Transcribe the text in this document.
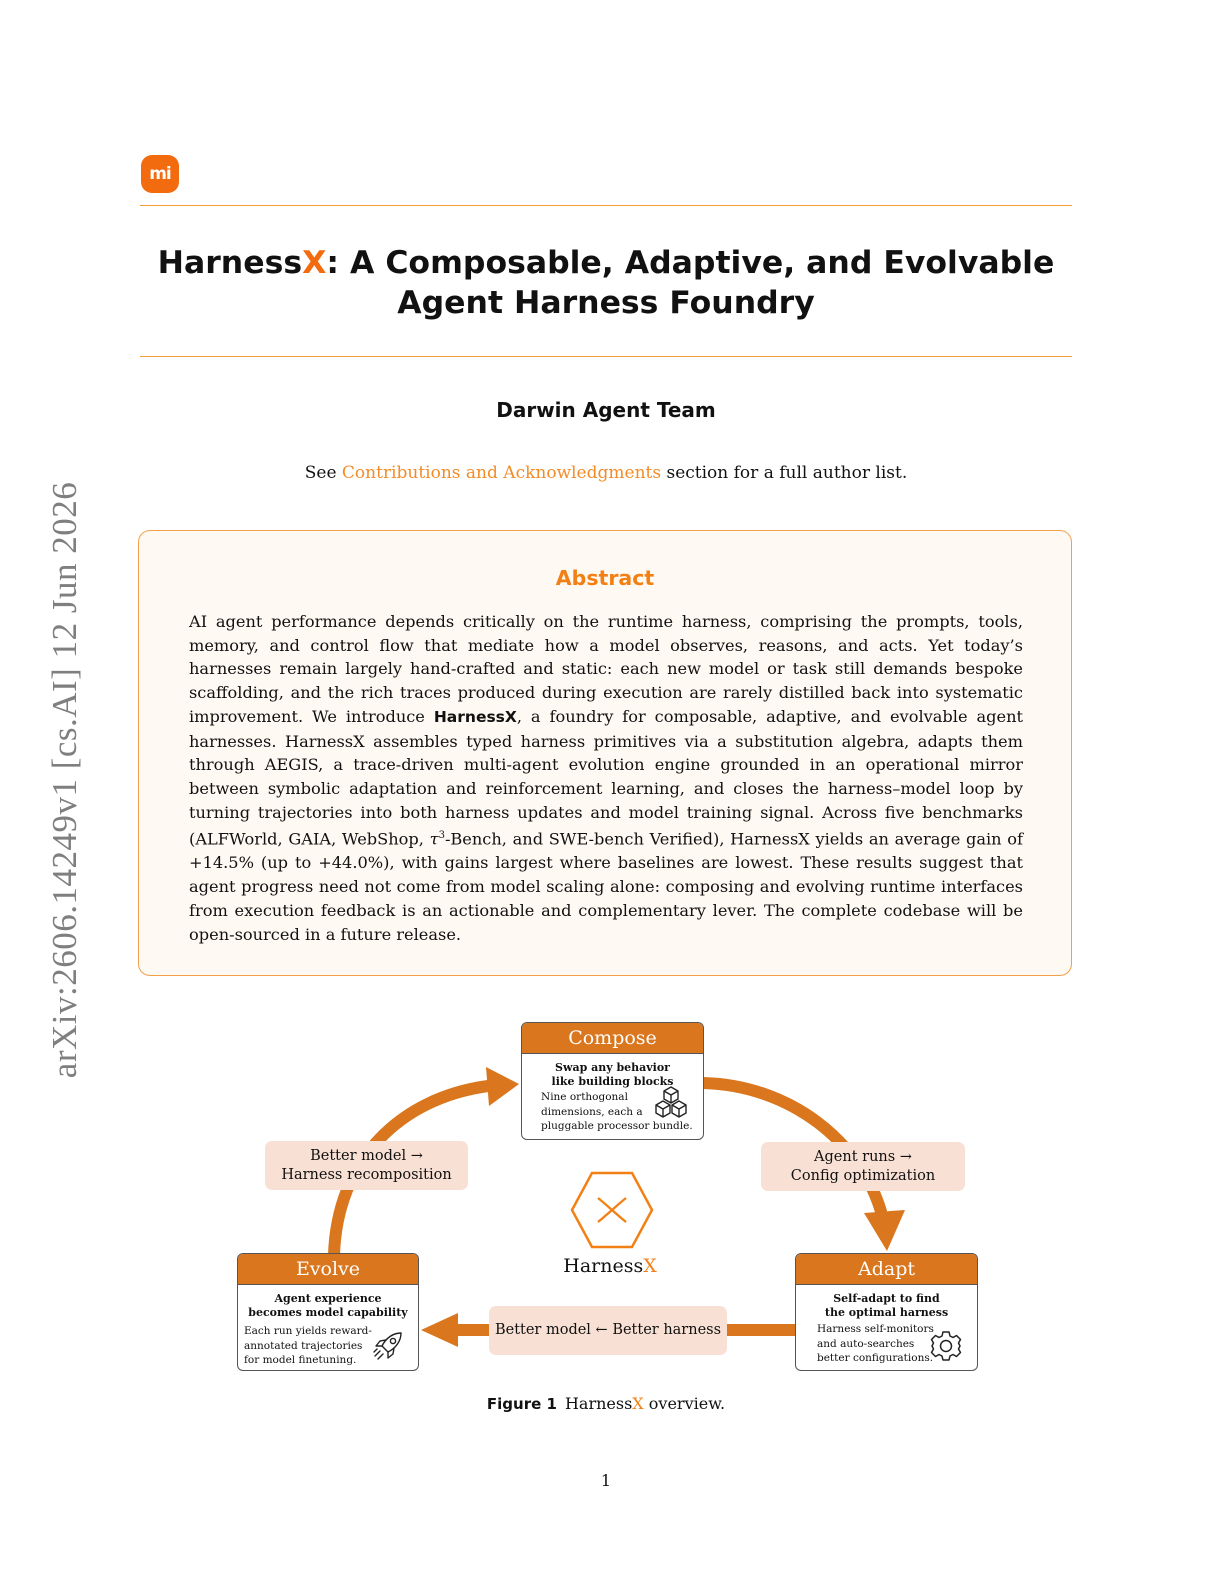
arXiv:2606.14249v1 [cs.AI] 12 Jun 2026
mi
HarnessX: A Composable, Adaptive, and Evolvable
Agent Harness Foundry
Darwin Agent Team
See Contributions and Acknowledgments section for a full author list.
Abstract
AI agent performance depends critically on the runtime harness, comprising the prompts, tools, memory, and control flow that mediate how a model observes, reasons, and acts. Yet today’s harnesses remain largely hand-crafted and static: each new model or task still demands bespoke scaffolding, and the rich traces produced during execution are rarely distilled back into systematic improvement. We introduce HarnessX, a foundry for composable, adaptive, and evolvable agent harnesses. HarnessX assembles typed harness primitives via a substitution algebra, adapts them through AEGIS, a trace-driven multi-agent evolution engine grounded in an operational mirror between symbolic adaptation and reinforcement learning, and closes the harness–model loop by turning trajectories into both harness updates and model training signal. Across five benchmarks (ALFWorld, GAIA, WebShop, $\tau^3$-Bench, and SWE-bench Verified), HarnessX yields an average gain of +14.5% (up to +44.0%), with gains largest where baselines are lowest. These results suggest that agent progress need not come from model scaling alone: composing and evolving runtime interfaces from execution feedback is an actionable and complementary lever. The complete codebase will be open-sourced in a future release.
Better model →
Harness recomposition
Agent runs →
Config optimization
Better model ← Better harness
Compose
Swap any behavior
like building blocks
Nine orthogonal
dimensions, each a
pluggable processor bundle.
Evolve
Agent experience
becomes model capability
Each run yields reward-
annotated trajectories
for model finetuning.
Adapt
Self-adapt to find
the optimal harness
Harness self-monitors
and auto-searches
better configurations.
HarnessX
Figure 1 HarnessX overview.
1
